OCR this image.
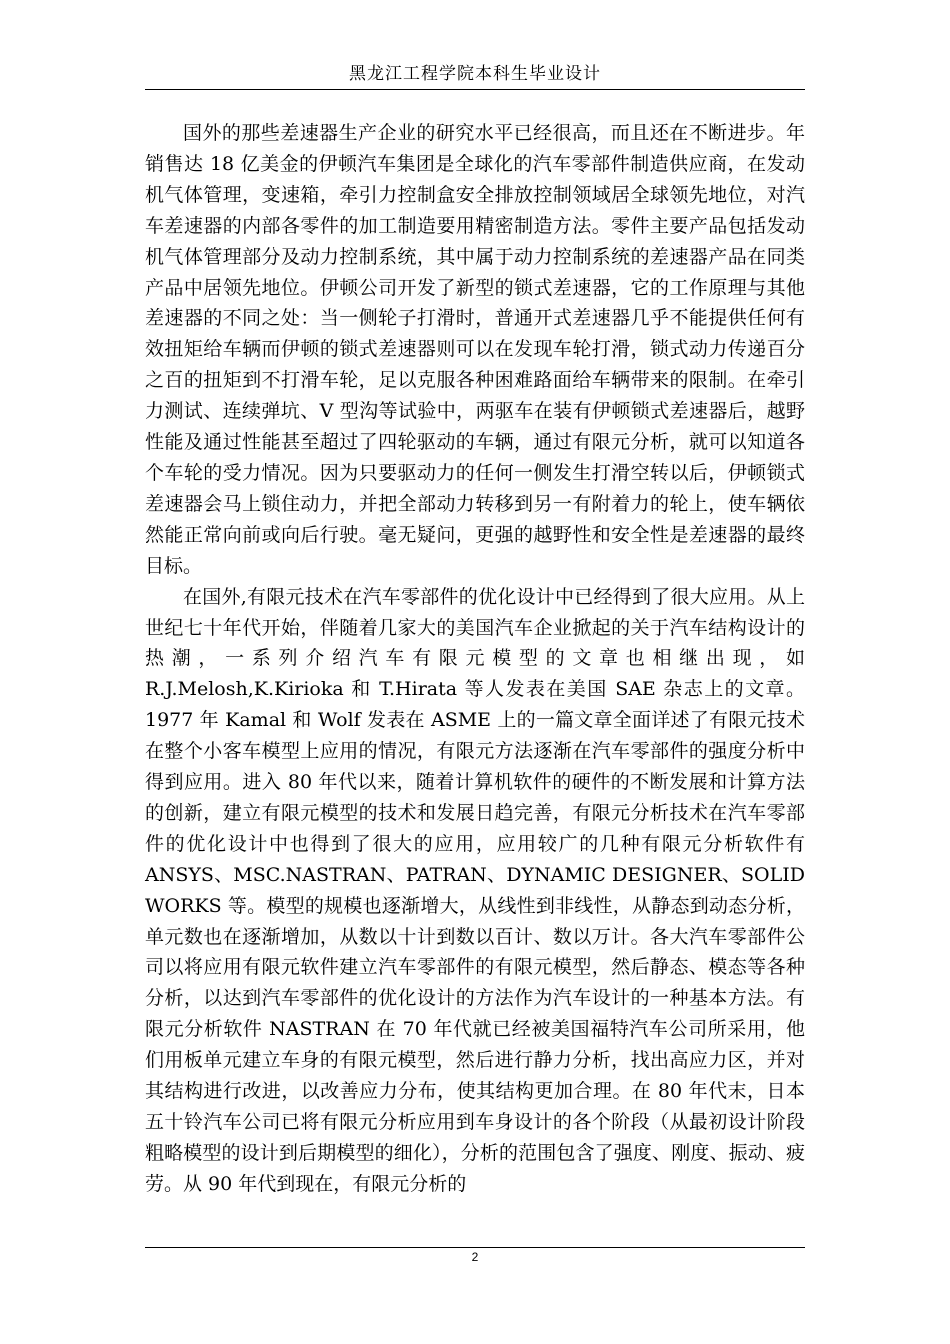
黑龙江工程学院本科生毕业设计

国外的那些差速器生产企业的研究水平已经很高，而且还在不断进步。年销售达 18 亿美金的伊顿汽车集团是全球化的汽车零部件制造供应商，在发动机气体管理，变速箱，牵引力控制盒安全排放控制领域居全球领先地位，对汽车差速器的内部各零件的加工制造要用精密制造方法。零件主要产品包括发动机气体管理部分及动力控制系统，其中属于动力控制系统的差速器产品在同类产品中居领先地位。伊顿公司开发了新型的锁式差速器，它的工作原理与其他差速器的不同之处：当一侧轮子打滑时，普通开式差速器几乎不能提供任何有效扭矩给车辆而伊顿的锁式差速器则可以在发现车轮打滑，锁式动力传递百分之百的扭矩到不打滑车轮，足以克服各种困难路面给车辆带来的限制。在牵引力测试、连续弹坑、V 型沟等试验中，两驱车在装有伊顿锁式差速器后，越野性能及通过性能甚至超过了四轮驱动的车辆，通过有限元分析，就可以知道各个车轮的受力情况。因为只要驱动力的任何一侧发生打滑空转以后，伊顿锁式差速器会马上锁住动力，并把全部动力转移到另一有附着力的轮上，使车辆依然能正常向前或向后行驶。毫无疑问，更强的越野性和安全性是差速器的最终目标。

在国外,有限元技术在汽车零部件的优化设计中已经得到了很大应用。从上世纪七十年代开始，伴随着几家大的美国汽车企业掀起的关于汽车结构设计的热潮，一系列介绍汽车有限元模型的文章也相继出现，如 R.J.Melosh,K.Kirioka 和 T.Hirata 等人发表在美国 SAE 杂志上的文章。1977 年 Kamal 和 Wolf 发表在 ASME 上的一篇文章全面详述了有限元技术在整个小客车模型上应用的情况，有限元方法逐渐在汽车零部件的强度分析中得到应用。进入 80 年代以来，随着计算机软件的硬件的不断发展和计算方法的创新，建立有限元模型的技术和发展日趋完善，有限元分析技术在汽车零部件的优化设计中也得到了很大的应用，应用较广的几种有限元分析软件有 ANSYS、MSC.NASTRAN、PATRAN、DYNAMIC DESIGNER、SOLID WORKS 等。模型的规模也逐渐增大，从线性到非线性，从静态到动态分析，单元数也在逐渐增加，从数以十计到数以百计、数以万计。各大汽车零部件公司以将应用有限元软件建立汽车零部件的有限元模型，然后静态、模态等各种分析，以达到汽车零部件的优化设计的方法作为汽车设计的一种基本方法。有限元分析软件 NASTRAN 在 70 年代就已经被美国福特汽车公司所采用，他们用板单元建立车身的有限元模型，然后进行静力分析，找出高应力区，并对其结构进行改进，以改善应力分布，使其结构更加合理。在 80 年代末，日本五十铃汽车公司已将有限元分析应用到车身设计的各个阶段（从最初设计阶段粗略模型的设计到后期模型的细化），分析的范围包含了强度、刚度、振动、疲劳。从 90 年代到现在，有限元分析的

2
